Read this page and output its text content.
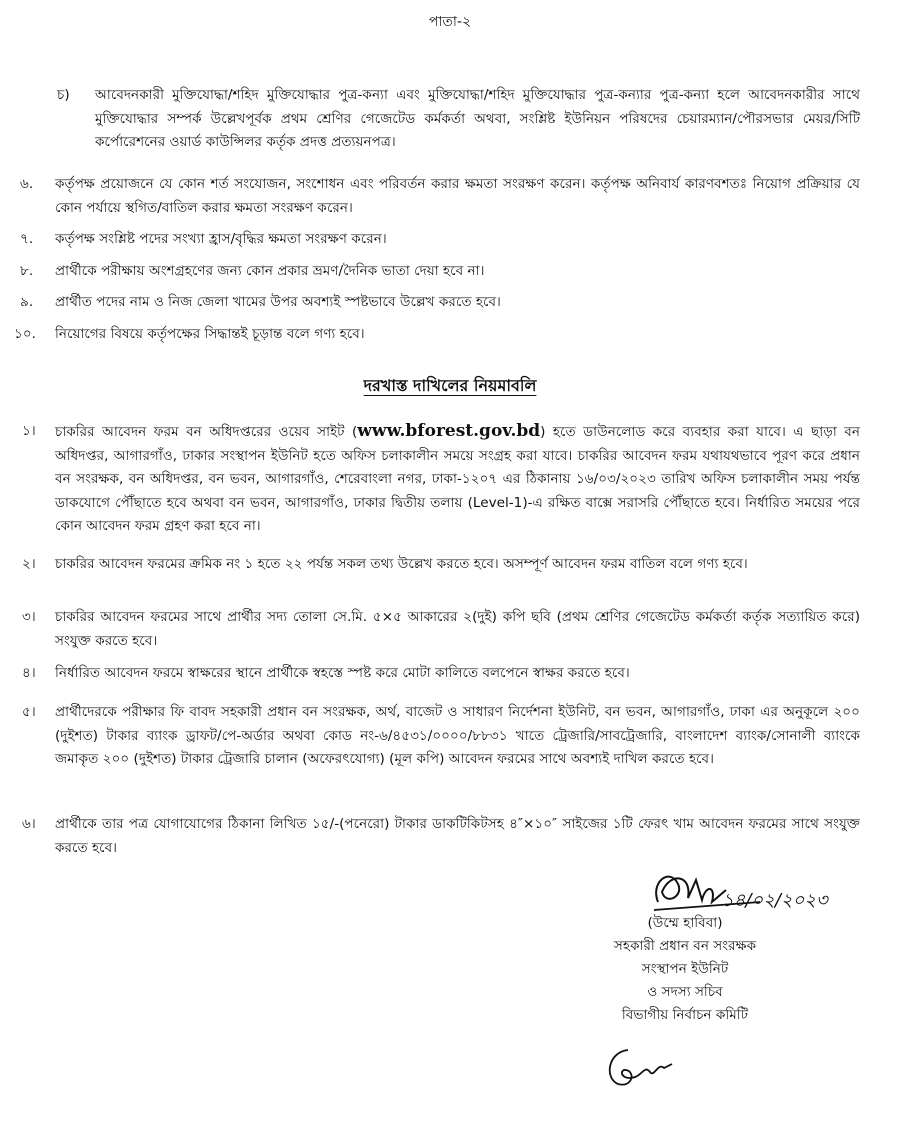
পাতা-২
চ) আবেদনকারী মুক্তিযোদ্ধা/শহিদ মুক্তিযোদ্ধার পুত্র-কন্যা এবং মুক্তিযোদ্ধা/শহিদ মুক্তিযোদ্ধার পুত্র-কন্যার পুত্র-কন্যা হলে আবেদনকারীর সাথে মুক্তিযোদ্ধার সম্পর্ক উল্লেখপূর্বক প্রথম শ্রেণির গেজেটেড কর্মকর্তা অথবা, সংশ্লিষ্ট ইউনিয়ন পরিষদের চেয়ারম্যান/পৌরসভার মেয়র/সিটি কর্পোরেশনের ওয়ার্ড কাউন্সিলর কর্তৃক প্রদত্ত প্রত্যয়নপত্র।
৬. কর্তৃপক্ষ প্রয়োজনে যে কোন শর্ত সংযোজন, সংশোধন এবং পরিবর্তন করার ক্ষমতা সংরক্ষণ করেন। কর্তৃপক্ষ অনিবার্য কারণবশতঃ নিয়োগ প্রক্রিয়ার যে কোন পর্যায়ে স্থগিত/বাতিল করার ক্ষমতা সংরক্ষণ করেন।
৭. কর্তৃপক্ষ সংশ্লিষ্ট পদের সংখ্যা হ্রাস/বৃদ্ধির ক্ষমতা সংরক্ষণ করেন।
৮. প্রার্থীকে পরীক্ষায় অংশগ্রহণের জন্য কোন প্রকার ভ্রমণ/দৈনিক ভাতা দেয়া হবে না।
৯. প্রার্থীত পদের নাম ও নিজ জেলা খামের উপর অবশ্যই স্পষ্টভাবে উল্লেখ করতে হবে।
১০. নিয়োগের বিষয়ে কর্তৃপক্ষের সিদ্ধান্তই চূড়ান্ত বলে গণ্য হবে।
দরখাস্ত দাখিলের নিয়মাবলি
১। চাকরির আবেদন ফরম বন অধিদপ্তরের ওয়েব সাইট (www.bforest.gov.bd) হতে ডাউনলোড করে ব্যবহার করা যাবে। এ ছাড়া বন অধিদপ্তর, আগারগাঁও, ঢাকার সংস্থাপন ইউনিট হতে অফিস চলাকালীন সময়ে সংগ্রহ করা যাবে। চাকরির আবেদন ফরম যথাযথভাবে পূরণ করে প্রধান বন সংরক্ষক, বন অধিদপ্তর, বন ভবন, আগারগাঁও, শেরেবাংলা নগর, ঢাকা-১২০৭ এর ঠিকানায় ১৬/০৩/২০২৩ তারিখ অফিস চলাকালীন সময় পর্যন্ত ডাকযোগে পৌঁছাতে হবে অথবা বন ভবন, আগারগাঁও, ঢাকার দ্বিতীয় তলায় (Level-1)-এ রক্ষিত বাক্সে সরাসরি পৌঁছাতে হবে। নির্ধারিত সময়ের পরে কোন আবেদন ফরম গ্রহণ করা হবে না।
২। চাকরির আবেদন ফরমের ক্রমিক নং ১ হতে ২২ পর্যন্ত সকল তথ্য উল্লেখ করতে হবে। অসম্পূর্ণ আবেদন ফরম বাতিল বলে গণ্য হবে।
৩। চাকরির আবেদন ফরমের সাথে প্রার্থীর সদ্য তোলা সে.মি. ৫×৫ আকারের ২(দুই) কপি ছবি (প্রথম শ্রেণির গেজেটেড কর্মকর্তা কর্তৃক সত্যায়িত করে) সংযুক্ত করতে হবে।
৪। নির্ধারিত আবেদন ফরমে স্বাক্ষরের স্থানে প্রার্থীকে স্বহস্তে স্পষ্ট করে মোটা কালিতে বলপেনে স্বাক্ষর করতে হবে।
৫। প্রার্থীদেরকে পরীক্ষার ফি বাবদ সহকারী প্রধান বন সংরক্ষক, অর্থ, বাজেট ও সাধারণ নির্দেশনা ইউনিট, বন ভবন, আগারগাঁও, ঢাকা এর অনুকূলে ২০০ (দুইশত) টাকার ব্যাংক ড্রাফট/পে-অর্ডার অথবা কোড নং-৬/৪৫৩১/০০০০/৮৮৩১ খাতে ট্রেজারি/সাবট্রেজারি, বাংলাদেশ ব্যাংক/সোনালী ব্যাংকে জমাকৃত ২০০ (দুইশত) টাকার ট্রেজারি চালান (অফেরৎযোগ্য) (মূল কপি) আবেদন ফরমের সাথে অবশ্যই দাখিল করতে হবে।
৬। প্রার্থীকে তার পত্র যোগাযোগের ঠিকানা লিখিত ১৫/-(পনেরো) টাকার ডাকটিকিটসহ ৪″×১০″ সাইজের ১টি ফেরৎ খাম আবেদন ফরমের সাথে সংযুক্ত করতে হবে।
১৪/০২/২০২৩
(উম্মে হাবিবা)
সহকারী প্রধান বন সংরক্ষক
সংস্থাপন ইউনিট
ও সদস্য সচিব
বিভাগীয় নির্বাচন কমিটি
